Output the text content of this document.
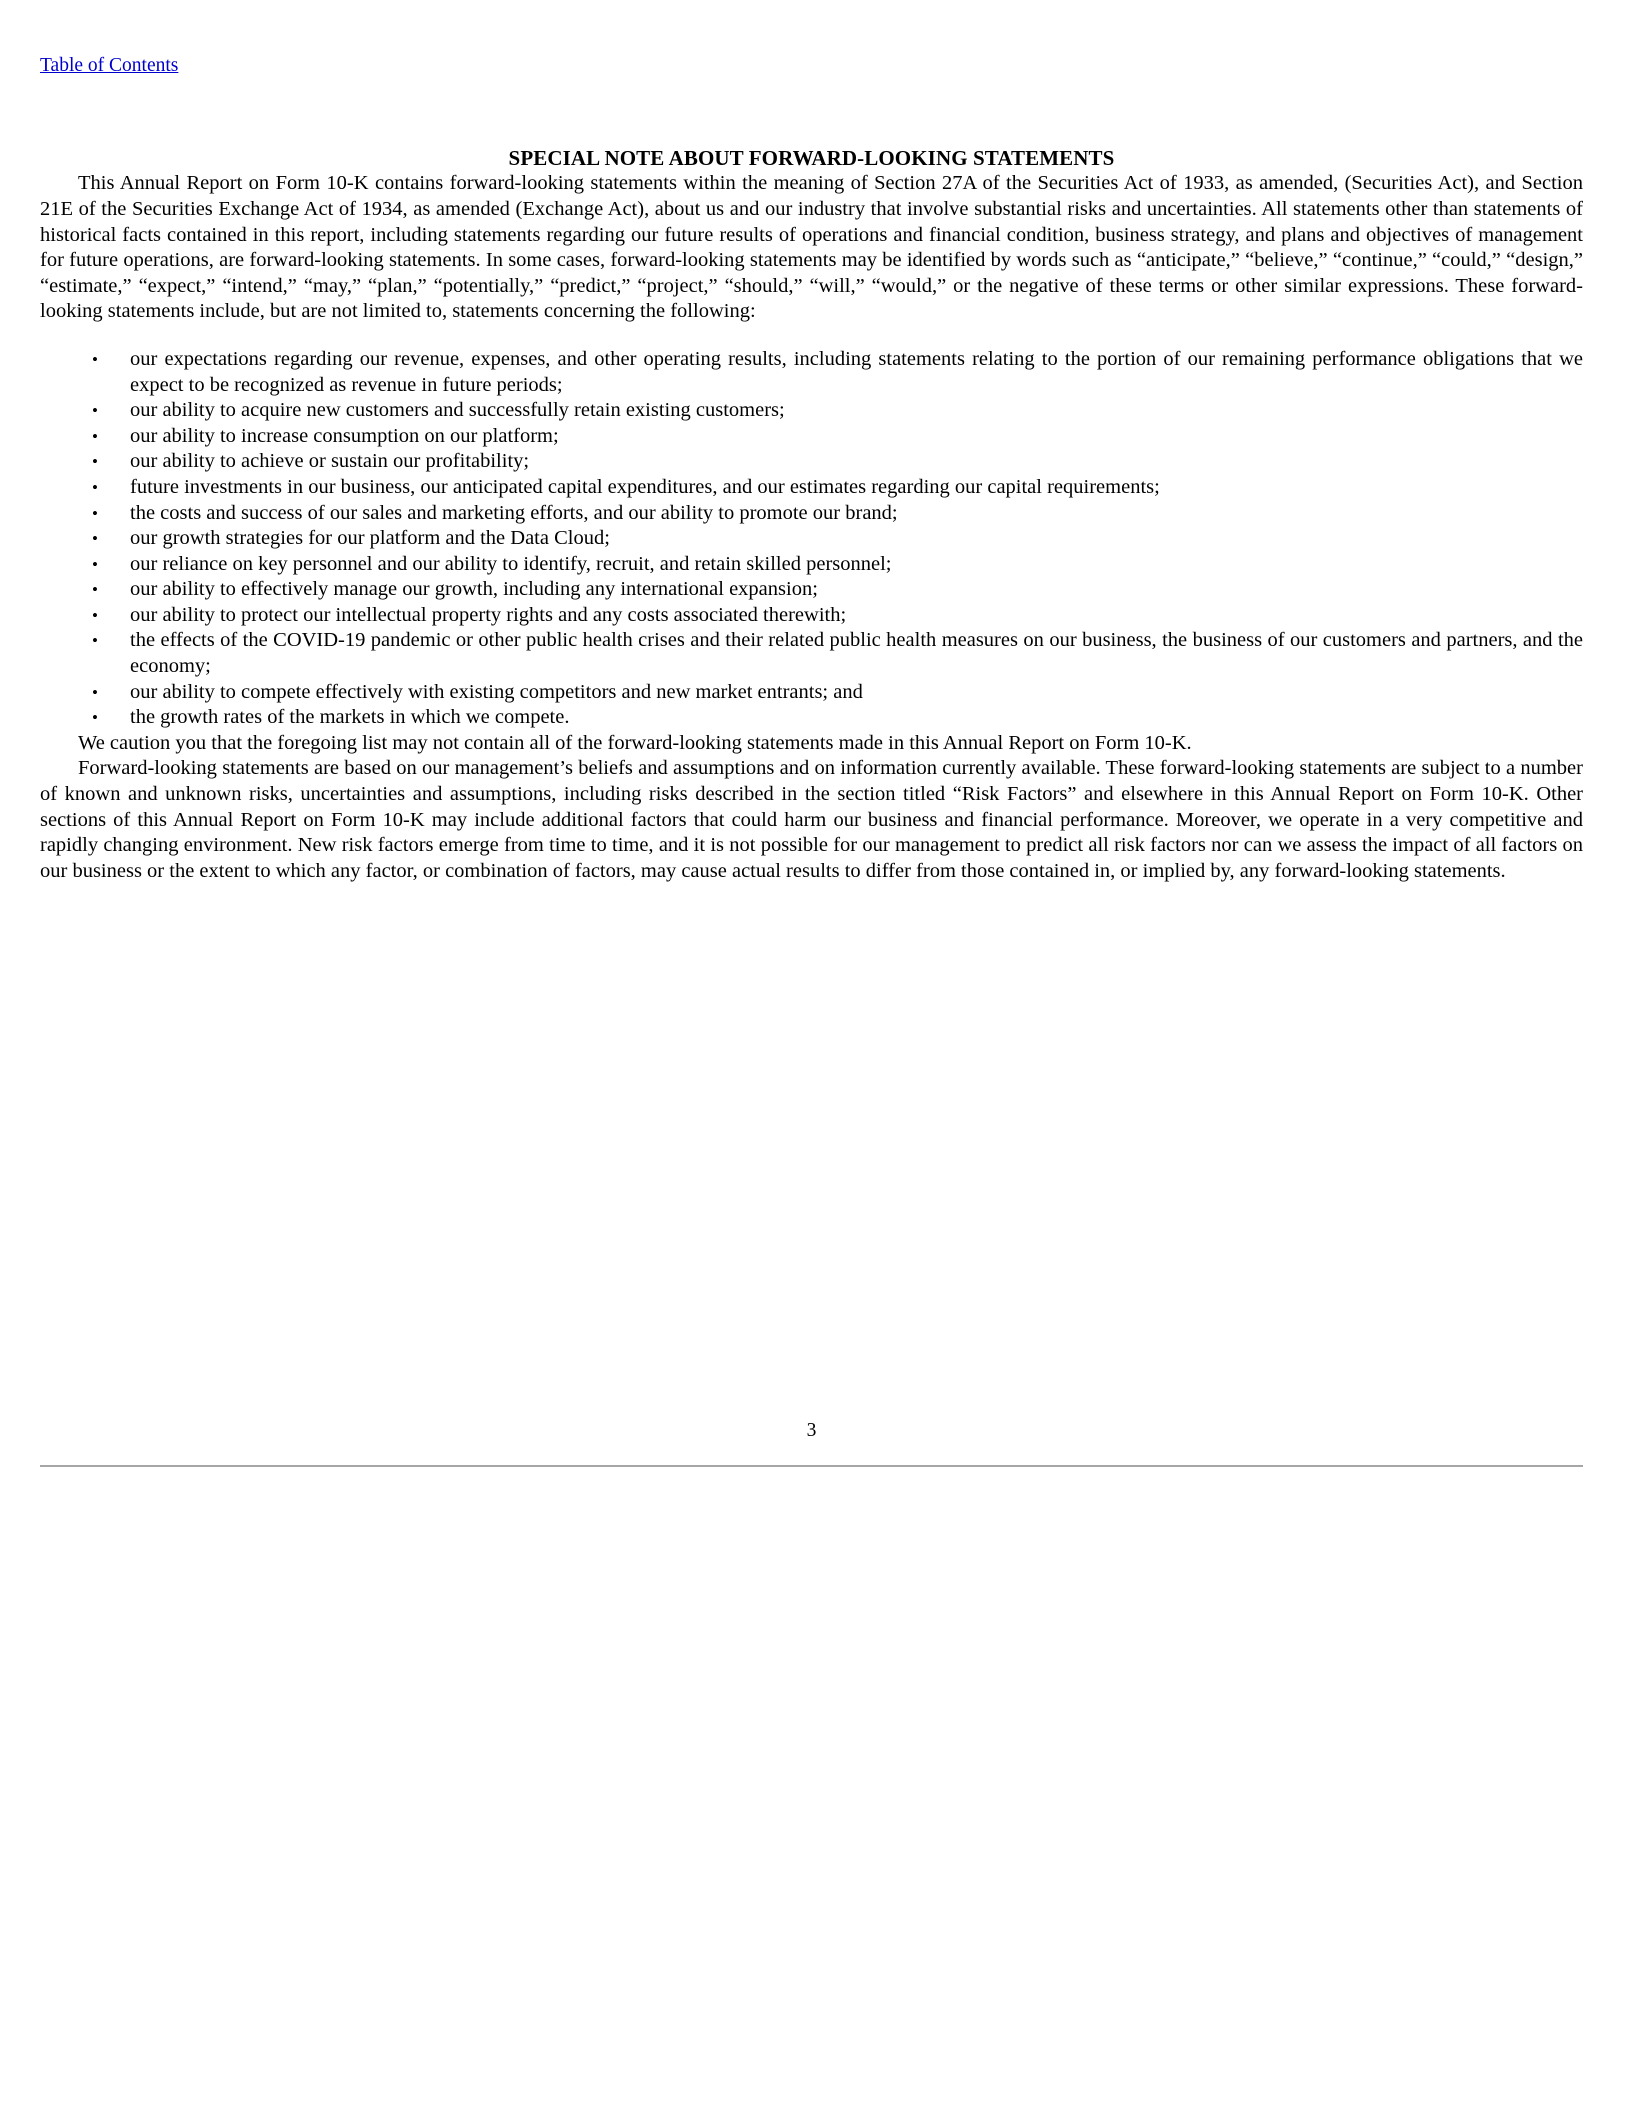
Table of Contents
SPECIAL NOTE ABOUT FORWARD-LOOKING STATEMENTS

This Annual Report on Form 10-K contains forward-looking statements within the meaning of Section 27A of the Securities Act of 1933, as amended, (Securities Act), and Section 21E of the Securities Exchange Act of 1934, as amended (Exchange Act), about us and our industry that involve substantial risks and uncertainties. All statements other than statements of historical facts contained in this report, including statements regarding our future results of operations and financial condition, business strategy, and plans and objectives of management for future operations, are forward-looking statements. In some cases, forward-looking statements may be identified by words such as “anticipate,” “believe,” “continue,” “could,” “design,” “estimate,” “expect,” “intend,” “may,” “plan,” “potentially,” “predict,” “project,” “should,” “will,” “would,” or the negative of these terms or other similar expressions. These forward-looking statements include, but are not limited to, statements concerning the following:

• our expectations regarding our revenue, expenses, and other operating results, including statements relating to the portion of our remaining performance obligations that we expect to be recognized as revenue in future periods;
• our ability to acquire new customers and successfully retain existing customers;
• our ability to increase consumption on our platform;
• our ability to achieve or sustain our profitability;
• future investments in our business, our anticipated capital expenditures, and our estimates regarding our capital requirements;
• the costs and success of our sales and marketing efforts, and our ability to promote our brand;
• our growth strategies for our platform and the Data Cloud;
• our reliance on key personnel and our ability to identify, recruit, and retain skilled personnel;
• our ability to effectively manage our growth, including any international expansion;
• our ability to protect our intellectual property rights and any costs associated therewith;
• the effects of the COVID-19 pandemic or other public health crises and their related public health measures on our business, the business of our customers and partners, and the economy;
• our ability to compete effectively with existing competitors and new market entrants; and
• the growth rates of the markets in which we compete.

We caution you that the foregoing list may not contain all of the forward-looking statements made in this Annual Report on Form 10-K.

Forward-looking statements are based on our management’s beliefs and assumptions and on information currently available. These forward-looking statements are subject to a number of known and unknown risks, uncertainties and assumptions, including risks described in the section titled “Risk Factors” and elsewhere in this Annual Report on Form 10-K. Other sections of this Annual Report on Form 10-K may include additional factors that could harm our business and financial performance. Moreover, we operate in a very competitive and rapidly changing environment. New risk factors emerge from time to time, and it is not possible for our management to predict all risk factors nor can we assess the impact of all factors on our business or the extent to which any factor, or combination of factors, may cause actual results to differ from those contained in, or implied by, any forward-looking statements.

3
